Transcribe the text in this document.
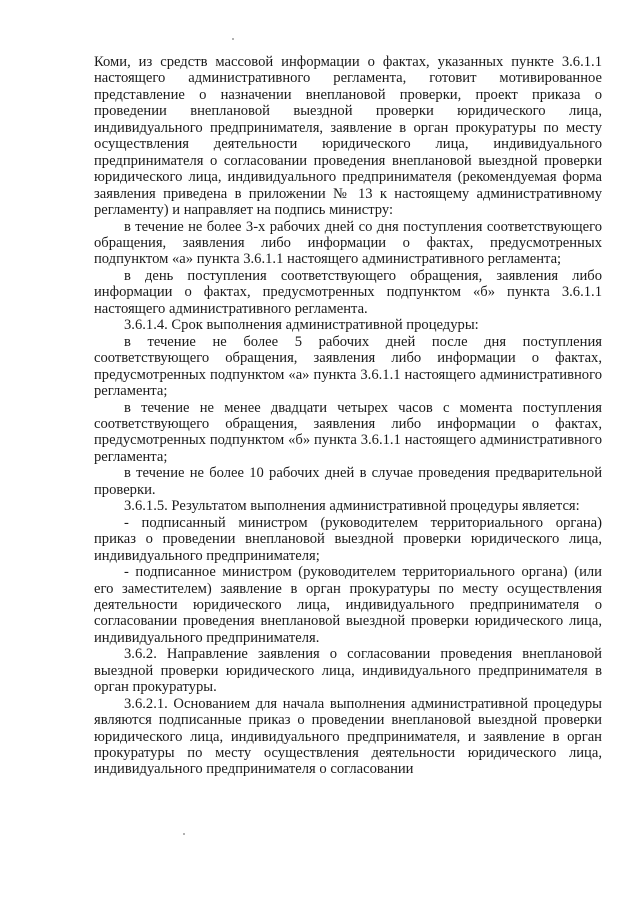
Коми, из средств массовой информации о фактах, указанных пункте 3.6.1.1 настоящего административного регламента, готовит мотивированное представление о назначении внеплановой проверки, проект приказа о проведении внеплановой выездной проверки юридического лица, индивидуального предпринимателя, заявление в орган прокуратуры по месту осуществления деятельности юридического лица, индивидуального предпринимателя о согласовании проведения внеплановой выездной проверки юридического лица, индивидуального предпринимателя (рекомендуемая форма заявления приведена в приложении № 13 к настоящему административному регламенту) и направляет на подпись министру:

в течение не более 3-х рабочих дней со дня поступления соответствующего обращения, заявления либо информации о фактах, предусмотренных подпунктом «а» пункта 3.6.1.1 настоящего административного регламента;

в день поступления соответствующего обращения, заявления либо информации о фактах, предусмотренных подпунктом «б» пункта 3.6.1.1 настоящего административного регламента.

3.6.1.4. Срок выполнения административной процедуры:

в течение не более 5 рабочих дней после дня поступления соответствующего обращения, заявления либо информации о фактах, предусмотренных подпунктом «а» пункта 3.6.1.1 настоящего административного регламента;

в течение не менее двадцати четырех часов с момента поступления соответствующего обращения, заявления либо информации о фактах, предусмотренных подпунктом «б» пункта 3.6.1.1 настоящего административного регламента;

в течение не более 10 рабочих дней в случае проведения предварительной проверки.

3.6.1.5. Результатом выполнения административной процедуры является:

- подписанный министром (руководителем территориального органа) приказ о проведении внеплановой выездной проверки юридического лица, индивидуального предпринимателя;

- подписанное министром (руководителем территориального органа) (или его заместителем) заявление в орган прокуратуры по месту осуществления деятельности юридического лица, индивидуального предпринимателя о согласовании проведения внеплановой выездной проверки юридического лица, индивидуального предпринимателя.

3.6.2. Направление заявления о согласовании проведения внеплановой выездной проверки юридического лица, индивидуального предпринимателя в орган прокуратуры.

3.6.2.1. Основанием для начала выполнения административной процедуры являются подписанные приказ о проведении внеплановой выездной проверки юридического лица, индивидуального предпринимателя, и заявление в орган прокуратуры по месту осуществления деятельности юридического лица, индивидуального предпринимателя о согласовании
